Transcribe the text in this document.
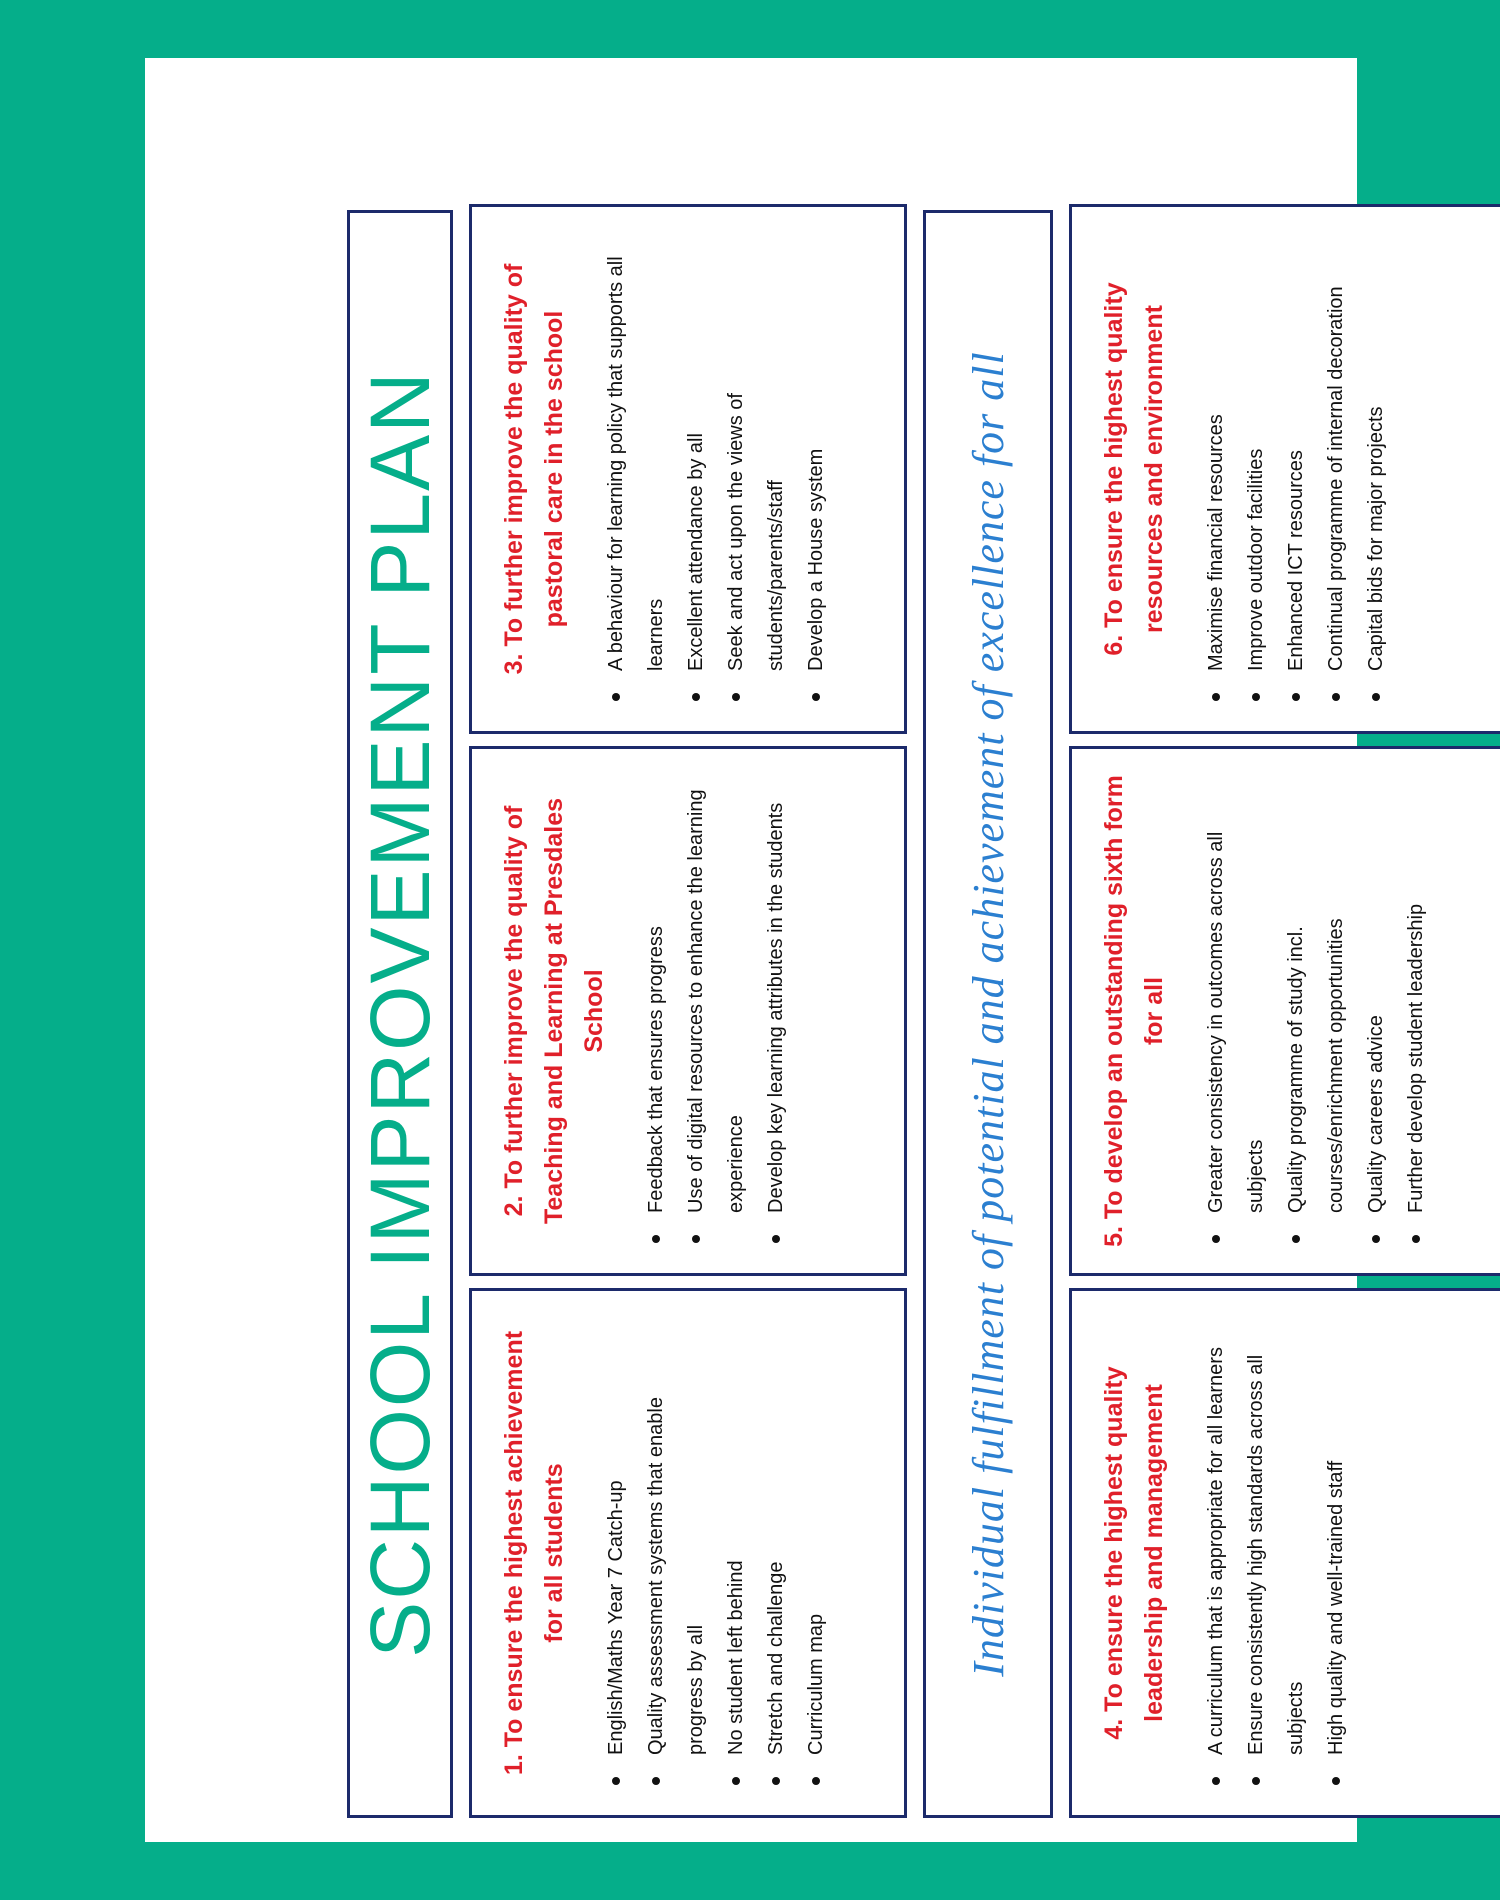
SCHOOL IMPROVEMENT PLAN 1. To ensure the highest achievement for all students	English/Maths Year 7 Catch-up Quality assessment systems that enable progress by all No student left behind Stretch and challenge Curriculum map
2. To further improve the quality of Teaching and Learning at Presdales School	Feedback that ensures progress Use of digital resources to enhance the learning experience Develop key learning attributes in the students
3. To further improve the quality of pastoral care in the school	A behaviour for learning policy that supports all learners Excellent attendance by all Seek and act upon the views of students/parents/staff Develop a House system	Individual fulfillment of potential and achievement of excellence for all	4. To ensure the highest quality leadership and management	A curriculum that is appropriate for all learners Ensure consistently high standards across all subjects High quality and well-trained staff
5. To develop an outstanding sixth form for all	Greater consistency in outcomes across all subjects Quality programme of study incl. courses/enrichment opportunities Quality careers advice Further develop student leadership
6. To ensure the highest quality resources and environment	Maximise financial resources Improve outdoor facilities Enhanced ICT resources Continual programme of internal decoration Capital bids for major projects
